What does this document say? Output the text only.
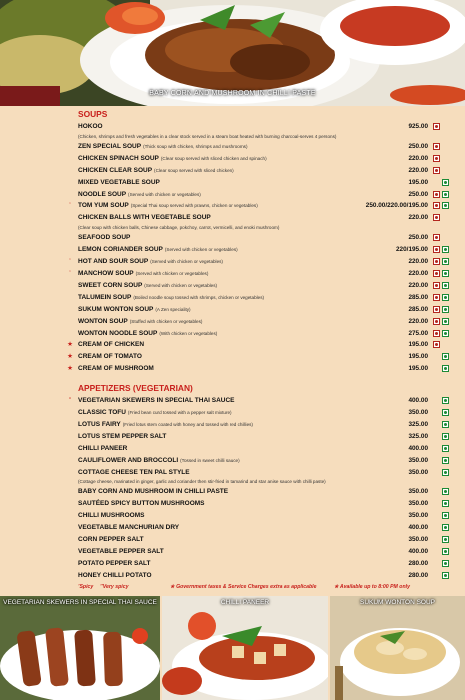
BABY CORN AND MUSHROOM IN CHILLI PASTE
SOUPS
HOKOO	925.00
(Chicken, shrimps and fresh vegetables in a clear stock served in a steam boat heated with burning charcoal-serves 4 persons)
ZEN SPECIAL SOUP (Thick soup with chicken, shrimps and mushrooms)	250.00
CHICKEN SPINACH SOUP (Clear soup served with sliced chicken and spinach)	220.00
CHICKEN CLEAR SOUP (Clear soup served with sliced chicken)	220.00
MIXED VEGETABLE SOUP	195.00
NOODLE SOUP (Served with chicken or vegetables)	250.00
’	TOM YUM SOUP (Special Thai soup served with prawns, chicken or vegetables)	250.00/220.00/195.00
CHICKEN BALLS WITH VEGETABLE SOUP	220.00
(Clear soup with chicken balls, Chinese cabbage, pokchoy, carrot, vermicelli, and enoki mushroom)
SEAFOOD SOUP	250.00
LEMON CORIANDER SOUP (Served with chicken or vegetables)	220/195.00
’	HOT AND SOUR SOUP (Served with chicken or vegetables)	220.00
’	MANCHOW SOUP (Served with chicken or vegetables)	220.00
SWEET CORN SOUP (Served with chicken or vegetables)	220.00
TALUMEIN SOUP (Boiled noodle soup tossed with shrimps, chicken or vegetables)	285.00
SUKUM WONTON SOUP (A Zen speciality)	285.00
WONTON SOUP (Stuffed with chicken or vegetables)	220.00
WONTON NOODLE SOUP (With chicken or vegetables)	275.00
★ CREAM OF CHICKEN	195.00
★ CREAM OF TOMATO	195.00
★ CREAM OF MUSHROOM	195.00
APPETIZERS (VEGETARIAN)
’’	VEGETARIAN SKEWERS IN SPECIAL THAI SAUCE	400.00
CLASSIC TOFU (Fried bean curd tossed with a pepper salt mixture)	350.00
LOTUS FAIRY (Fried lotus stem coated with honey and tossed with red chillies)	325.00
LOTUS STEM PEPPER SALT	325.00
CHILLI PANEER	400.00
CAULIFLOWER AND BROCCOLI (Tossed in sweet chilli sauce)	350.00
COTTAGE CHEESE TEN PAL STYLE	350.00
(Cottage cheese, marinated in ginger, garlic and coriander then stir-fried in tamarind and star anise sauce with chilli paste)
BABY CORN AND MUSHROOM IN CHILLI PASTE	350.00
SAUTÉED SPICY BUTTON MUSHROOMS	350.00
CHILLI MUSHROOMS	350.00
VEGETABLE MANCHURIAN DRY	400.00
CORN PEPPER SALT	350.00
VEGETABLE PEPPER SALT	400.00
POTATO PEPPER SALT	280.00
HONEY CHILLI POTATO	280.00
’Spicy ’’Very spicy	★ Government taxes & Service Charges extra as applicable	★ Available up to 8:00 PM only
VEGETARIAN SKEWERS IN SPECIAL THAI SAUCE	CHILLI PANEER	SUKUM WONTON SOUP
